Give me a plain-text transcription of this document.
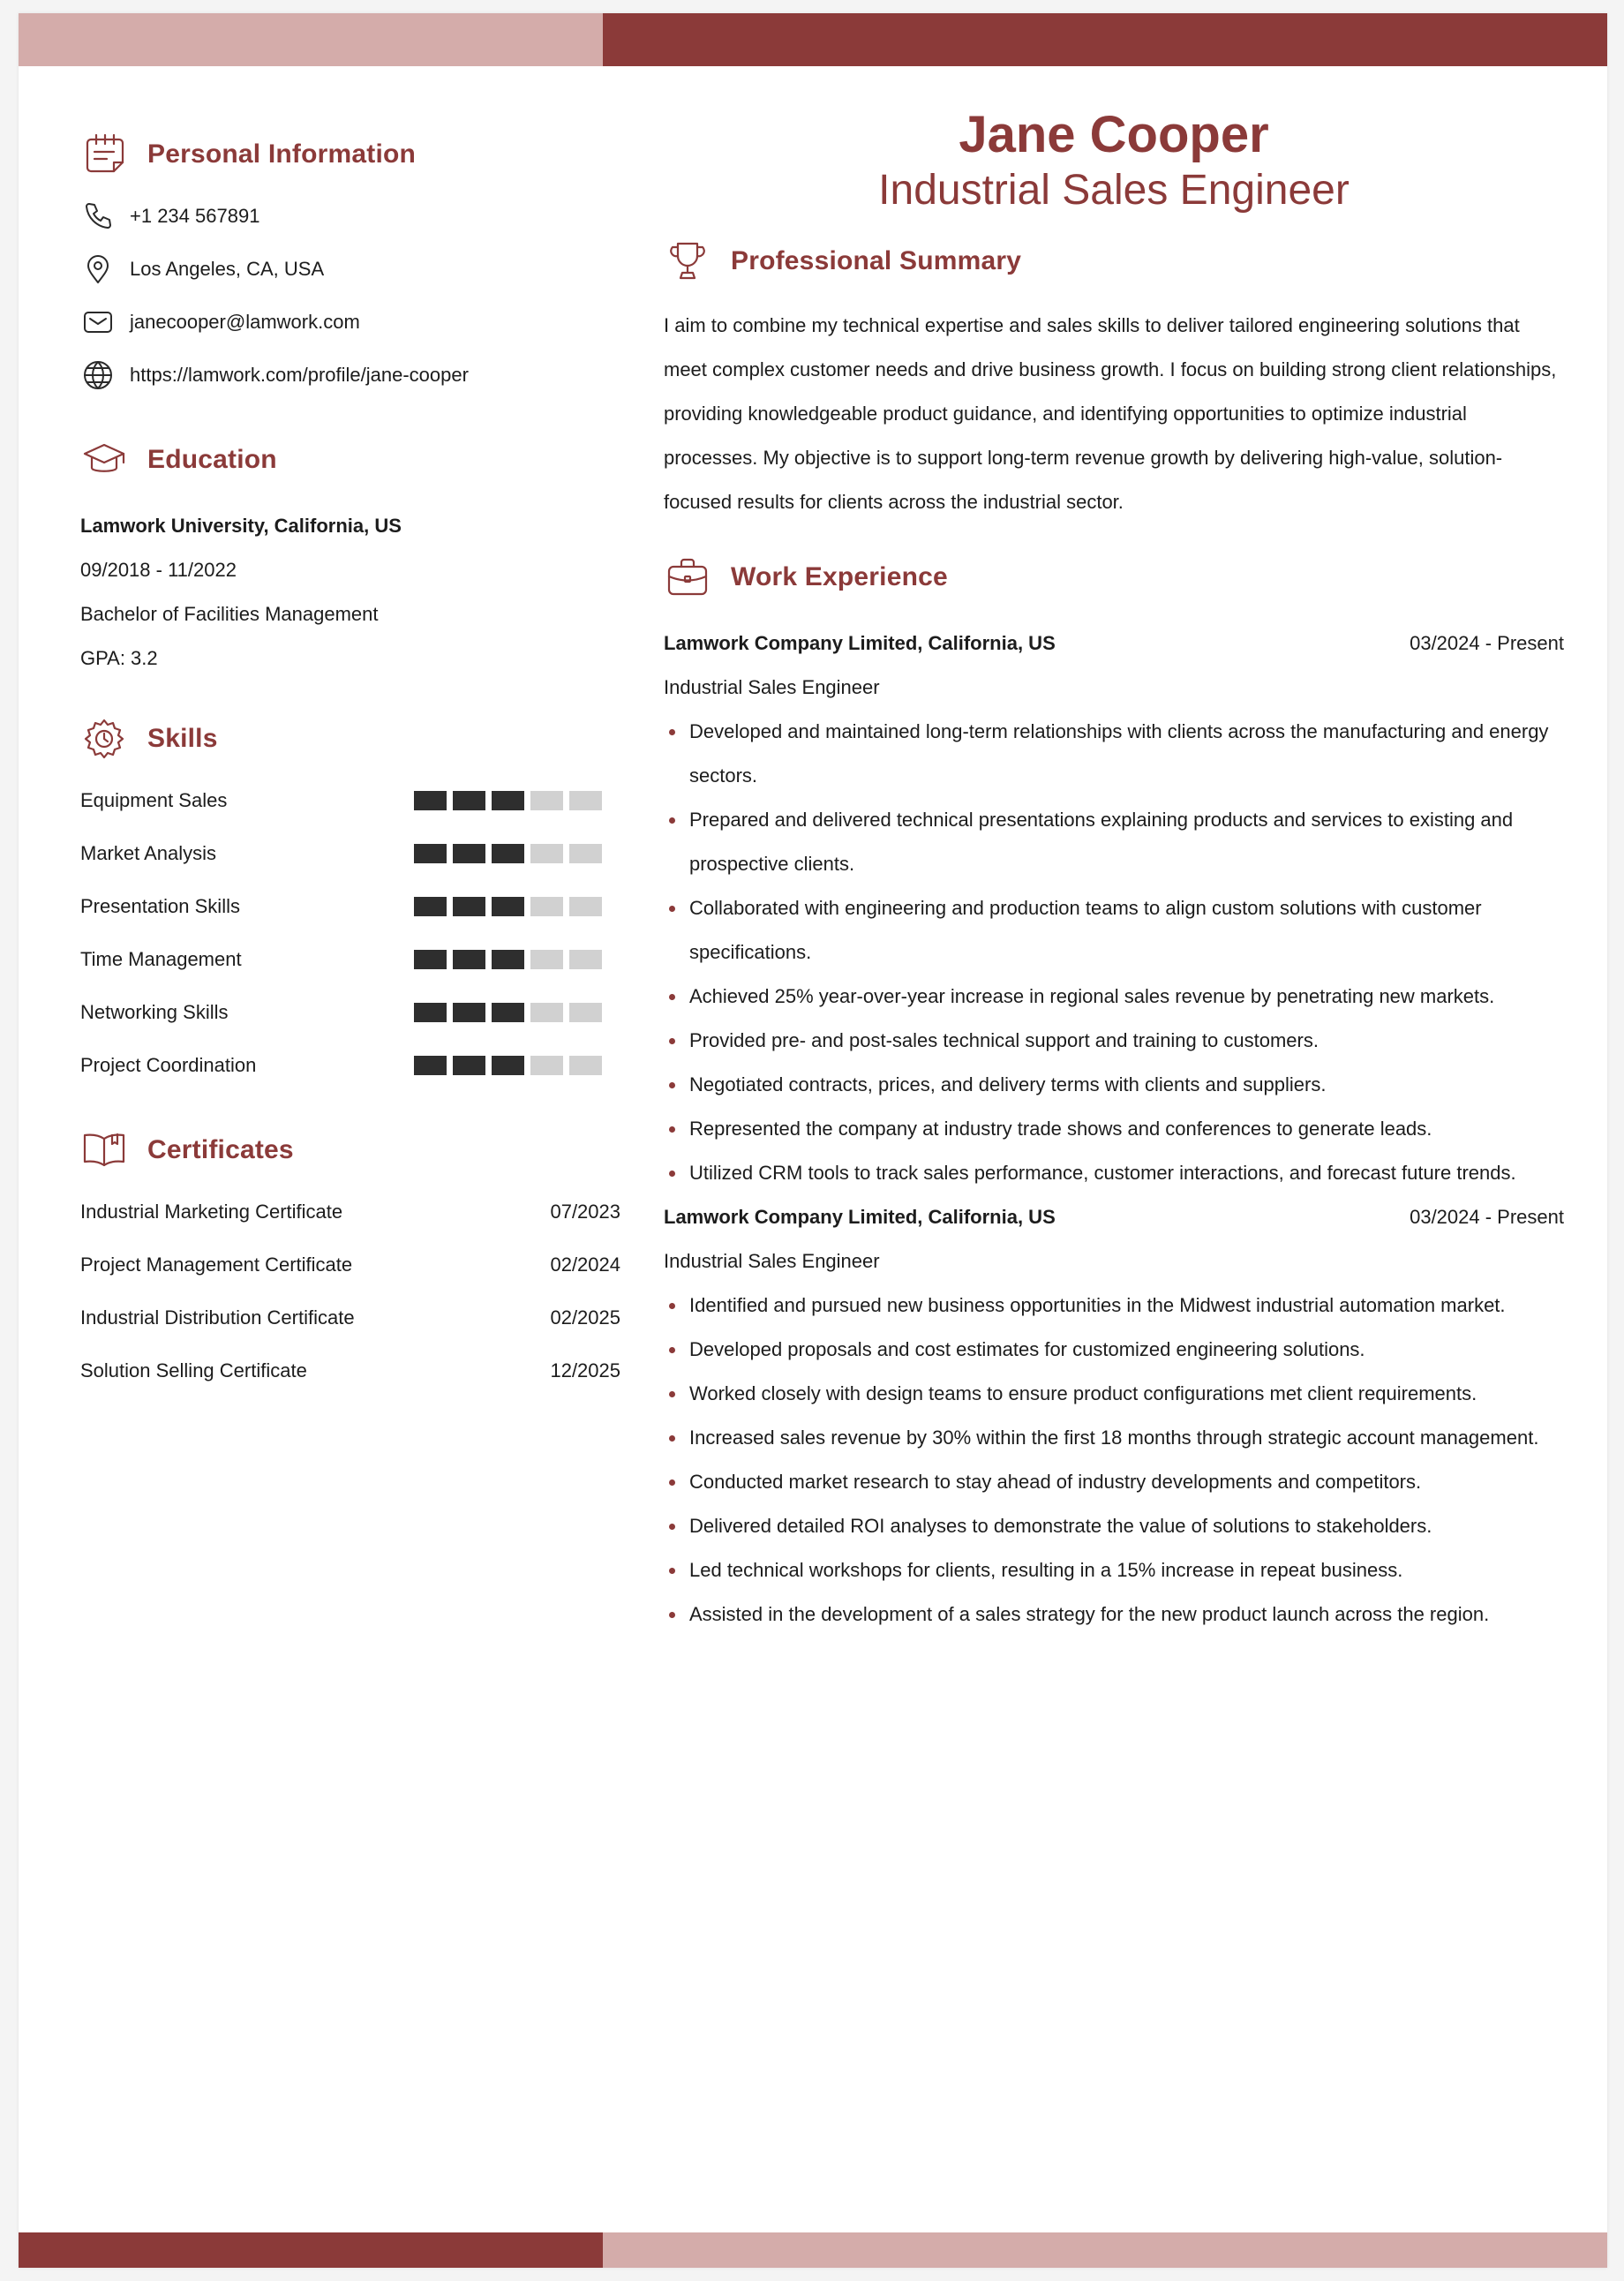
Personal Information
+1 234 567891
Los Angeles, CA, USA
janecooper@lamwork.com
https://lamwork.com/profile/jane-cooper
Education
Lamwork University, California, US
09/2018 - 11/2022
Bachelor of Facilities Management
GPA: 3.2
Skills
Equipment Sales
Market Analysis
Presentation Skills
Time Management
Networking Skills
Project Coordination
Certificates
Industrial Marketing Certificate	07/2023
Project Management Certificate	02/2024
Industrial Distribution Certificate	02/2025
Solution Selling Certificate	12/2025
Jane Cooper
Industrial Sales Engineer
Professional Summary

I aim to combine my technical expertise and sales skills to deliver tailored engineering solutions that meet complex customer needs and drive business growth. I focus on building strong client relationships, providing knowledgeable product guidance, and identifying opportunities to optimize industrial processes. My objective is to support long-term revenue growth by delivering high-value, solution-focused results for clients across the industrial sector.

Work Experience
Lamwork Company Limited, California, US	03/2024 - Present
Industrial Sales Engineer
Developed and maintained long-term relationships with clients across the manufacturing and energy sectors.
Prepared and delivered technical presentations explaining products and services to existing and prospective clients.
Collaborated with engineering and production teams to align custom solutions with customer specifications.
Achieved 25% year-over-year increase in regional sales revenue by penetrating new markets.
Provided pre- and post-sales technical support and training to customers.
Negotiated contracts, prices, and delivery terms with clients and suppliers.
Represented the company at industry trade shows and conferences to generate leads.
Utilized CRM tools to track sales performance, customer interactions, and forecast future trends.
Lamwork Company Limited, California, US	03/2024 - Present
Industrial Sales Engineer
Identified and pursued new business opportunities in the Midwest industrial automation market.
Developed proposals and cost estimates for customized engineering solutions.
Worked closely with design teams to ensure product configurations met client requirements.
Increased sales revenue by 30% within the first 18 months through strategic account management.
Conducted market research to stay ahead of industry developments and competitors.
Delivered detailed ROI analyses to demonstrate the value of solutions to stakeholders.
Led technical workshops for clients, resulting in a 15% increase in repeat business.
Assisted in the development of a sales strategy for the new product launch across the region.
